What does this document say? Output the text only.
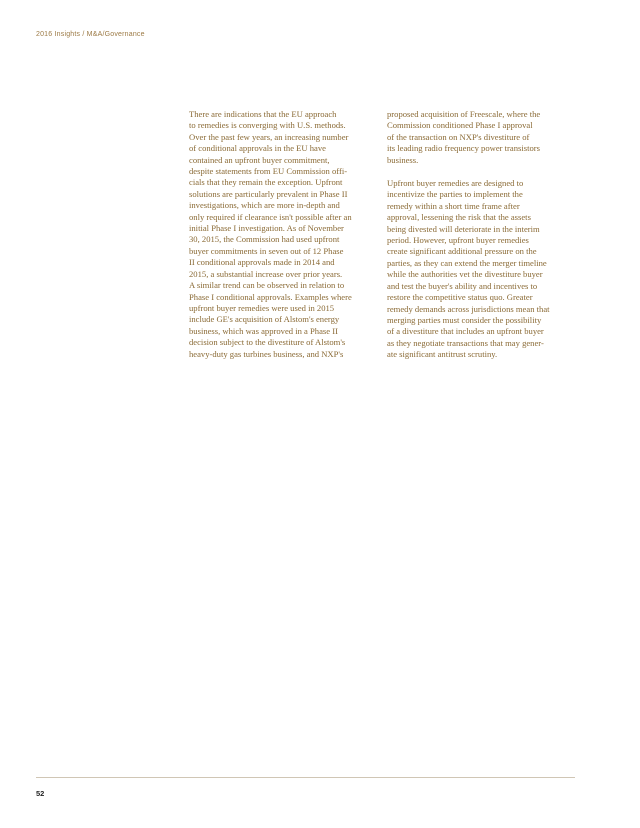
2016 Insights / M&A/Governance

There are indications that the EU approach
to remedies is converging with U.S. methods.
Over the past few years, an increasing number
of conditional approvals in the EU have
contained an upfront buyer commitment,
despite statements from EU Commission offi-
cials that they remain the exception. Upfront
solutions are particularly prevalent in Phase II
investigations, which are more in-depth and
only required if clearance isn't possible after an
initial Phase I investigation. As of November
30, 2015, the Commission had used upfront
buyer commitments in seven out of 12 Phase
II conditional approvals made in 2014 and
2015, a substantial increase over prior years.
A similar trend can be observed in relation to
Phase I conditional approvals. Examples where
upfront buyer remedies were used in 2015
include GE's acquisition of Alstom's energy
business, which was approved in a Phase II
decision subject to the divestiture of Alstom's
heavy-duty gas turbines business, and NXP's

proposed acquisition of Freescale, where the
Commission conditioned Phase I approval
of the transaction on NXP's divestiture of
its leading radio frequency power transistors
business.

Upfront buyer remedies are designed to
incentivize the parties to implement the
remedy within a short time frame after
approval, lessening the risk that the assets
being divested will deteriorate in the interim
period. However, upfront buyer remedies
create significant additional pressure on the
parties, as they can extend the merger timeline
while the authorities vet the divestiture buyer
and test the buyer's ability and incentives to
restore the competitive status quo. Greater
remedy demands across jurisdictions mean that
merging parties must consider the possibility
of a divestiture that includes an upfront buyer
as they negotiate transactions that may gener-
ate significant antitrust scrutiny.

52
